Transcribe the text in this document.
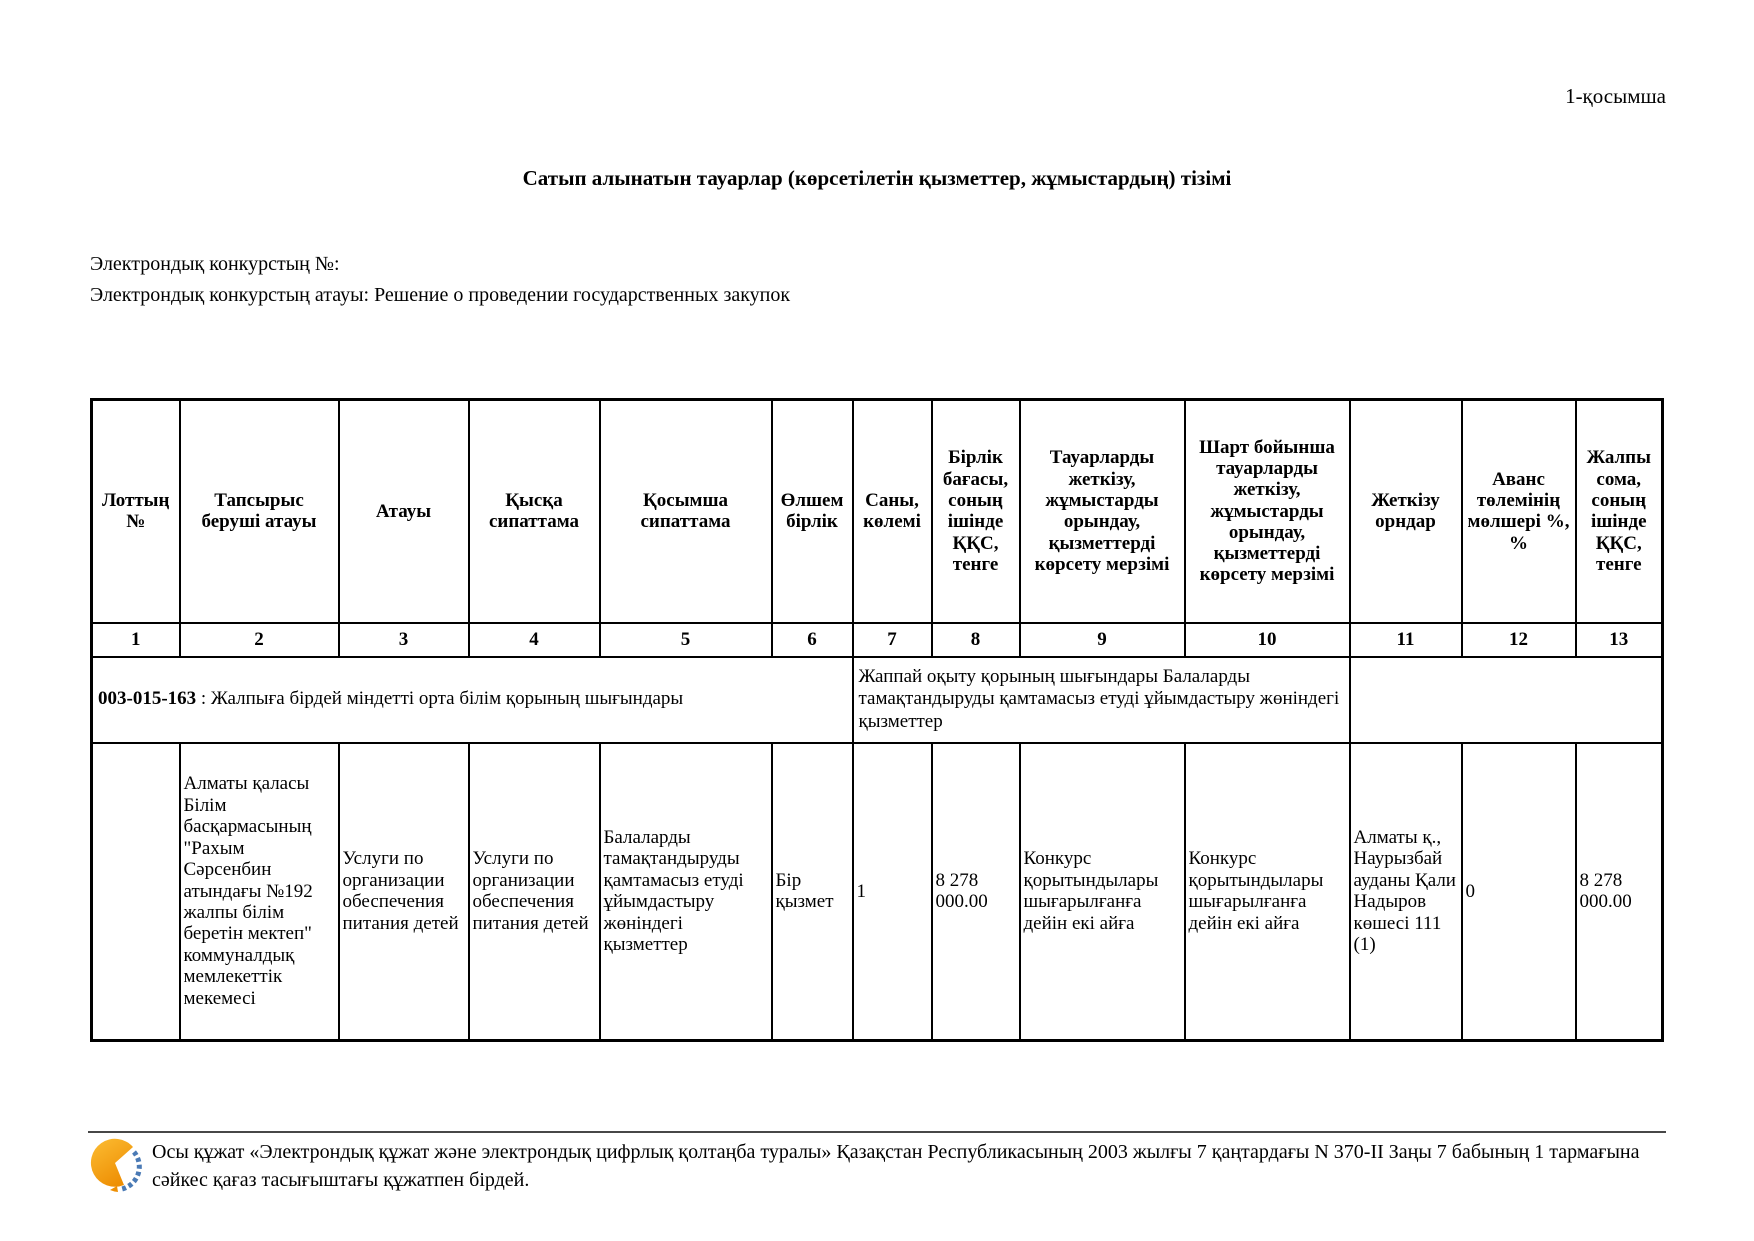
1-қосымша
Сатып алынатын тауарлар (көрсетілетін қызметтер, жұмыстардың) тізімі
Электрондық конкурстың №:
Электрондық конкурстың атауы: Решение о проведении государственных закупок
Лоттың №	Тапсырыс беруші атауы	Атауы	Қысқа сипаттама	Қосымша сипаттама	Өлшем бірлік	Саны, көлемі	Бірлік бағасы, соның ішінде ҚҚС, тенге	Тауарларды жеткізу, жұмыстарды орындау, қызметтерді көрсету мерзімі	Шарт бойынша тауарларды жеткізу, жұмыстарды орындау, қызметтерді көрсету мерзімі	Жеткізу орндар	Аванс төлемінің мөлшері %, %	Жалпы сома, соның ішінде ҚҚС, тенге
1	2	3	4	5	6	7	8	9	10	11	12	13
003-015-163 : Жалпыға бірдей міндетті орта білім қорының шығындары						Жаппай оқыту қорының шығындары Балаларды тамақтандыруды қамтамасыз етуді ұйымдастыру жөніндегі қызметтер						
	Алматы қаласы Білім басқармасының "Рахым Сәрсенбин атындағы №192 жалпы білім беретін мектеп" коммуналдық мемлекеттік мекемесі	Услуги по организации обеспечения питания детей	Услуги по организации обеспечения питания детей	Балаларды тамақтандыруды қамтамасыз етуді ұйымдастыру жөніндегі қызметтер	Бір қызмет	1	8 278 000.00	Конкурс қорытындылары шығарылғанға дейін екі айға	Конкурс қорытындылары шығарылғанға дейін екі айға	Алматы қ., Наурызбай ауданы Қали Надыров көшесі 111 (1)	0	8 278 000.00
Осы құжат «Электрондық құжат және электрондық цифрлық қолтаңба туралы» Қазақстан Республикасының 2003 жылғы 7 қаңтардағы N 370-II Заңы 7 бабының 1 тармағына сәйкес қағаз тасығыштағы құжатпен бірдей.
